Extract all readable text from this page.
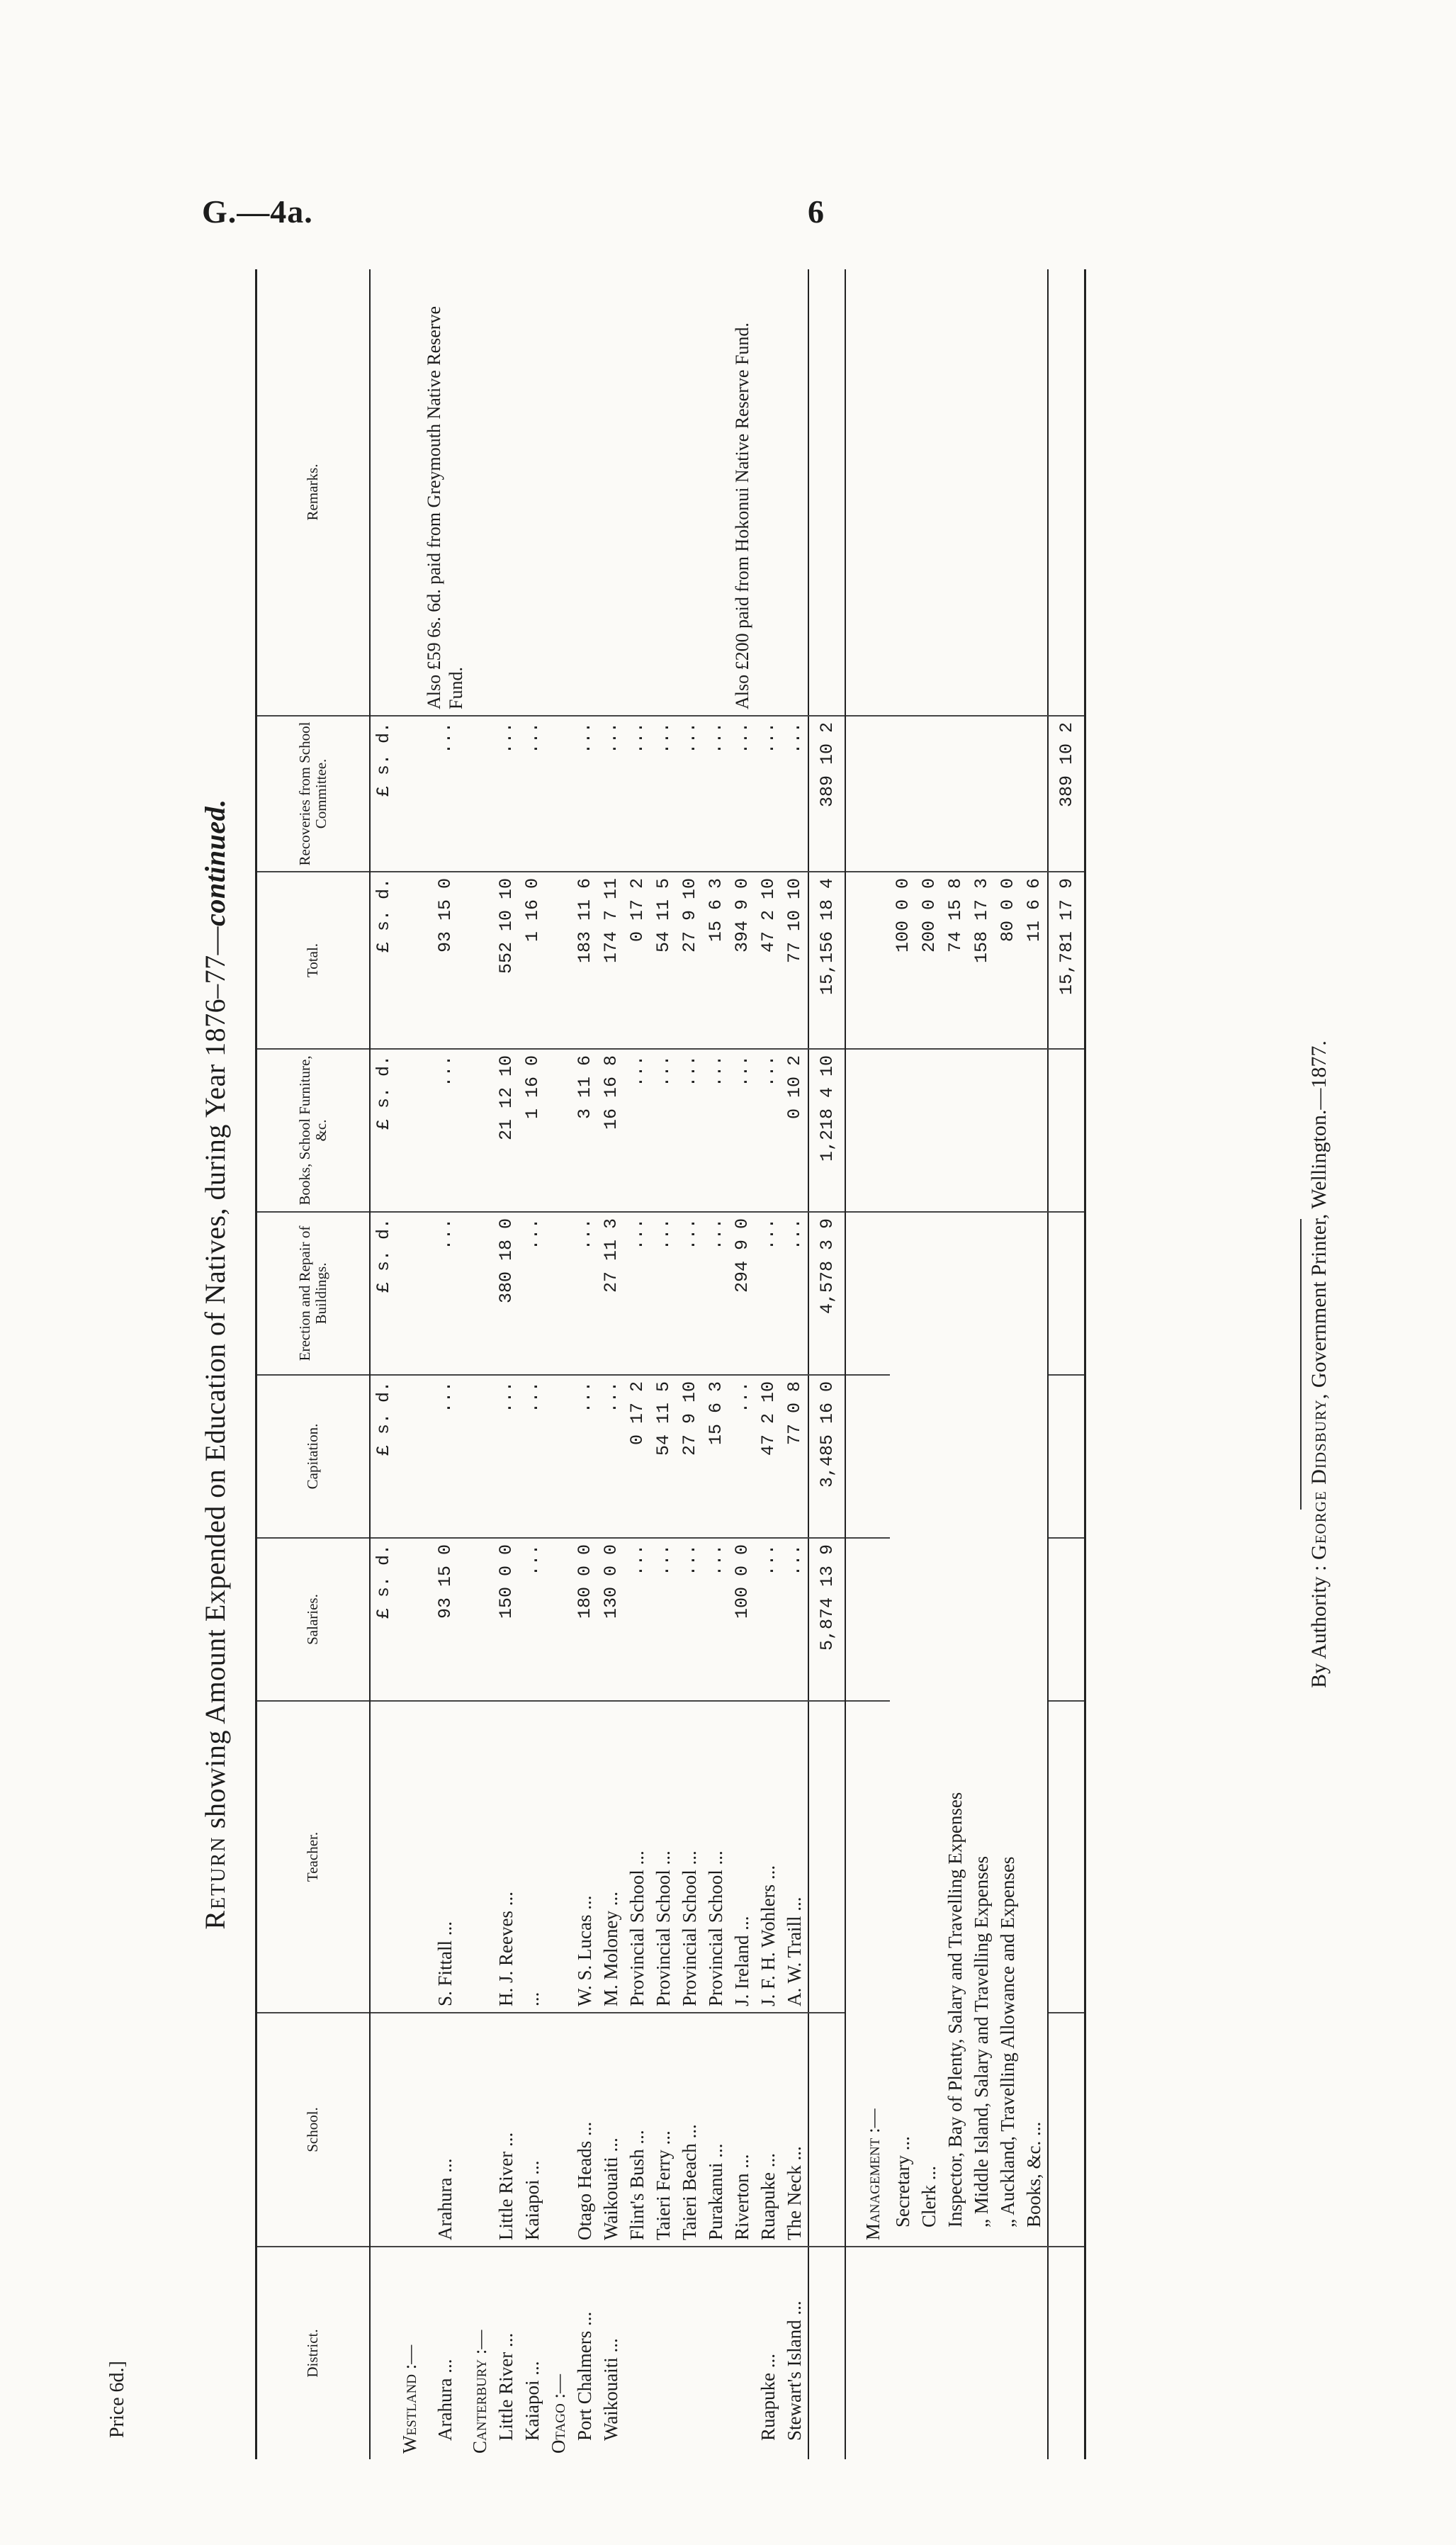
G.—4a.	6
Return showing Amount Expended on Education of Natives, during Year 1876–77—continued.
District.	School.	Teacher.	Salaries.	Capitation.	Erection and Repair of Buildings.	Books, School Furniture, &c.	Total.	Recoveries from School Committee.	Remarks.
			£ s. d.	£ s. d.	£ s. d.	£ s. d.	£ s. d.	£ s. d.	
Westland :—									
Arahura ...	Arahura ...	S. Fittall ...	93 15 0	...	...	...	93 15 0	...	Also £59 6s. 6d. paid from Greymouth Native Reserve Fund.
Canterbury :—									
Little River ...	Little River ...	H. J. Reeves ...	150 0 0	...	380 18 0	21 12 10	552 10 10	...	
Kaiapoi ...	Kaiapoi ...	...	...	...	...	1 16 0	1 16 0	...	
Otago :—									
Port Chalmers ...	Otago Heads ...	W. S. Lucas ...	180 0 0	...	...	3 11 6	183 11 6	...	
Waikouaiti ...	Waikouaiti ...	M. Moloney ...	130 0 0	...	27 11 3	16 16 8	174 7 11	...	
	Flint's Bush ...	Provincial School ...	...	0 17 2	...	...	0 17 2	...	
	Taieri Ferry ...	Provincial School ...	...	54 11 5	...	...	54 11 5	...	
	Taieri Beach ...	Provincial School ...	...	27 9 10	...	...	27 9 10	...	
	Purakanui ...	Provincial School ...	...	15 6 3	...	...	15 6 3	...	
	Riverton ...	J. Ireland ...	100 0 0	...	294 9 0	...	394 9 0	...	Also £200 paid from Hokonui Native Reserve Fund.
Ruapuke ...	Ruapuke ...	J. F. H. Wohlers ...	...	47 2 10	...	...	47 2 10	...	
Stewart's Island ...	The Neck ...	A. W. Traill ...	...	77 0 8	...	0 10 2	77 10 10	...	
			5,874 13 9	3,485 16 0	4,578 3 9	1,218 4 10	15,156 18 4	389 10 2	
	Management :—								
	Secretary ...						100 0 0		
	Clerk ...						200 0 0		
	Inspector, Bay of Plenty, Salary and Travelling Expenses						74 15 8		
	„ Middle Island, Salary and Travelling Expenses						158 17 3		
	„ Auckland, Travelling Allowance and Expenses						80 0 0		
	Books, &c. ...						11 6 6		
							15,781 17 9	389 10 2	
By Authority : George Didsbury, Government Printer, Wellington.—1877.
Price 6d.]
